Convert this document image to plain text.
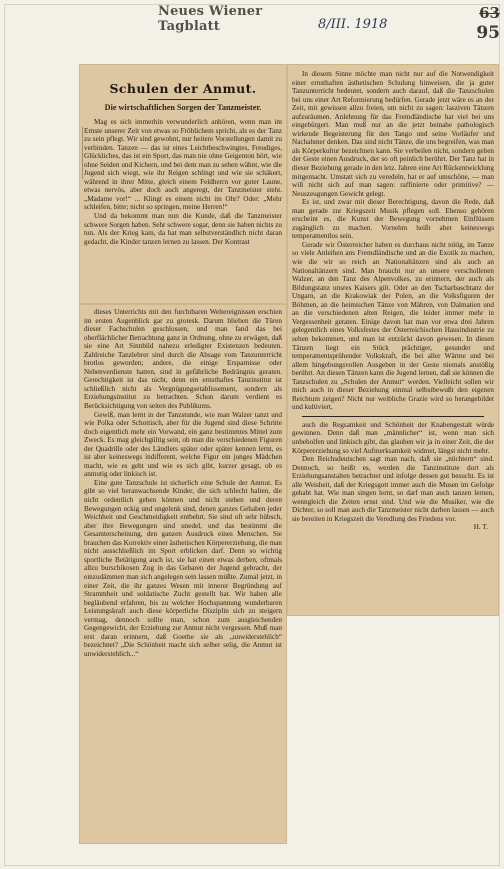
Neues Wiener Tagblatt	8/III. 1918
63
95
Schulen der Anmut.
Die wirtschaftlichen Sorgen der Tanzmeister.

Mag es sich immerhin verwunderlich anhören, wenn man im Ernste unserer Zeit von etwas so Fröhlichem spricht, als es der Tanz zu sein pflegt. Wir sind gewohnt, nur heitere Vorstellungen damit zu verbinden. Tanzen — das ist eines Leichtbeschwingtes, Freudiges, Glückliches, das ist ein Sport, das man nie ohne Geigenton hört, wie ohne Seiden und Kichern, und bei dem man zu sehen wähnt, wie die Jugend sich wiegt, wie ihr Reigen schlingt und wie sie schäkert, während in ihrer Mitte, gleich einem Feldherrn vor guter Laune, etwas nervös, aber doch auch angeregt, der Tanzmeister steht. „Madame vor!“ ... Klingt es einem nicht im Ohr? Oder: „Mehr schleifen, bitte; nicht so springen, meine Herren!“

Und da bekommt man nun die Kunde, daß die Tanzmeister schwere Sorgen haben. Sehr schwere sogar, denn sie haben nichts zu tun. Als der Krieg kam, da hat man selbstverständlich nicht daran gedacht, die Kinder tanzen lernen zu lassen. Der Kontrast

dieses Unterrichts mit den furchtbaren Weltereignissen erschien im ersten Augenblick gar zu grotesk. Darum blieben die Türen dieser Fachschulen geschlossen, und man fand das bei oberflächlicher Betrachtung ganz in Ordnung, ohne zu erwägen, daß sie eine Art Sinnbild nahezu erledigter Existenzen bedeuten. Zahlreiche Tanzlehrer sind durch die Absage vom Tanzunterricht brotlos geworden; andere, die einige Ersparnisse oder Nebenverdienste hatten, sind in gefährliche Bedrängnis geraten. Gerechtigkeit ist das nicht, denn ein ernsthaftes Tanzinstitut ist schließlich nicht als Vergnügungsetablissement, sondern als Erziehungsinstitut zu betrachten. Schon darum verdient es Berücksichtigung von seiten des Publikums.

Gewiß, man lernt in der Tanzstunde, wie man Walzer tanzt und wie Polka oder Schottisch, aber für die Jugend sind diese Schritte doch eigentlich mehr ein Vorwand, ein ganz bestimmtes Mittel zum Zweck. Es mag gleichgültig sein, ob man die verschiedenen Figuren der Quadrille oder des Ländlers später oder später kennen lernt, es ist aber keineswegs indifferent, welche Figur ein junges Mädchen macht, wie es geht und wie es sich gibt, kurzer gesagt, ob es anmutig oder linkisch ist.

Eine gute Tanzschule ist sicherlich eine Schule der Anmut. Es gibt so viel heranwachsende Kinder, die sich schlecht halten, die nicht ordentlich gehen können und nicht stehen und deren Bewegungen eckig und ungelenk sind, denen ganzes Gehaben jeder Weichheit und Geschmeidigkeit entbehrt. Sie sind oft sehr hübsch, aber ihre Bewegungen sind unedel, und das bestimmt die Gesamterscheinung, den ganzen Ausdruck eines Menschen. Sie brauchen das Korrektiv einer ästhetischen Körpererziehung, die man nicht ausschließlich im Sport erblicken darf. Denn so wichtig sportliche Betätigung auch ist, sie hat einen etwas derben, oftmals allzu burschikosen Zug in das Gebaren der Jugend gebracht, der einzudämmen man sich angelegen sein lassen müßte. Zumal jetzt, in einer Zeit, die ihr ganzes Wesen mit innerer Begründung auf Strammheit und soldatische Zucht gestellt hat. Wir haben alle begläubend erfahren, bis zu welcher Hochspannung wunderbaren Leistungskraft auch diese körperliche Disziplin sich zu steigern vermag, dennoch sollte man, schon zum ausgleichenden Gegengewicht, der Erziehung zur Anmut nicht vergessen. Muß man erst daran erinnern, daß Goethe sie als „unwiderstehlich“ bezeichnet? „Die Schönheit macht sich selber selig, die Anmut ist unwiderstehlich...“

In diesem Sinne möchte man nicht nur auf die Notwendigkeit einer ernsthaften ästhetischen Schulung hinweisen, die ja guter Tanzunterricht bedeutet, sondern auch darauf, daß die Tanzschulen bei uns einer Art Reformierung bedürfen. Gerade jetzt wäre es an der Zeit, mit gewissen allzu freien, um nicht zu sagen: lasziven Tänzen aufzuräumen. Anlehnung für das Fremdländische hat viel bei uns eingebürgert. Man muß nur an die jetzt beinahe pathologisch wirkende Begeisterung für den Tango und seine Vorläufer und Nachahmer denken. Das sind nicht Tänze, die uns begreifen, was man als Körperkultur bezeichnen kann. Sie verbeilen nicht, sondern geben der Geste einen Ausdruck, der so oft peinlich berührt. Der Tanz hat in dieser Beziehung gerade in den letz. Jahren eine Art Rückentwicklung mitgemacht. Umstatt sich zu veredeln, hat er auf umschöne, — man will nicht sich auf man sagen: raffinierte oder primitive? — Neuszeugungen Gewicht gelegt.

Es ist, und zwar mit dieser Berechtigung, davon die Rede, daß man gerade zur Kriegszeit Musik pflegen soll. Ebenso gehören erscheint es, die Kunst der Bewegung vornehmen Einflüssen zugänglich zu machen. Vornehm heißt aber keineswegs temperamentlos sein.

Gerade wir Österreicher haben es durchaus nicht nötig, im Tanze so viele Anleihen ans Fremdländische und an die Exotik zu machen, wie die wir so reich an Nationaltänzen sind als auch an Nationaltänzern sind. Man braucht nur an unsere verschollenen Walzer, an den Tanz des Alpenvolkes, zu erinnern, der auch als Bildungstanz unsres Kaisers gilt. Oder an den Tscharbaschtanz der Ungarn, an die Krakowiak der Polen, an die Volksfiguren der Böhmen, an die heimischen Tänze von Mähren, von Dalmatien und an die verschiedenen alten Reigen, die leider immer mehr in Vergessenheit geraten. Einige davon hat man vor etwa drei Jahren gelegentlich eines Volksfestes der Österreichischen Hausindustrie zu sehen bekommen, und man ist entzückt davon gewesen. In diesen Tänzen liegt ein Stück prächtiger, gesunder und temperamentsprühender Volkskraft, die bei aller Wärme und bei allem hingebungsvollen Ausgeben in der Geste niemals anstößig berührt. An diesen Tänzen kann die Jugend lernen, daß sie können die Tanzschulen zu „Schulen der Anmut“ werden. Vielleicht sollen wir mich auch in dieser Beziehung einmal selbstbewußt den eigenen Reichtum zeigen? Nicht nur weibliche Grazie wird so herangebildet und kultiviert,

auch die Regsamkeit und Schönheit der Knabengestalt würde gewinnen. Denn daß man „männlicher“ ist, wenn man sich unbeholfen und linkisch gibt, das glauben wir ja in einer Zeit, die der Körpererziehung so viel Aufmerksamkeit widmet, längst nicht mehr.

Den Reichsdeutschen sagt man nach, daß sie „nüchtern“ sind. Dennoch, so heißt es, werden die Tanzinstitute dort als Erziehungsanstalten betrachtet und infolge dessen gut besucht. Es ist alle Weisheit, daß der Kriegsgott immer auch die Musen im Gefolge gehabt hat. Wie man singen lernt, so darf man auch tanzen lernen, wenngleich die Zeiten ernst sind. Und wie die Musiker, wie die Dichter, so soll man auch die Tanzmeister nicht darben lassen — auch sie bereiten in Kriegszeit die Veredlung des Friedens vor.

H. T.
